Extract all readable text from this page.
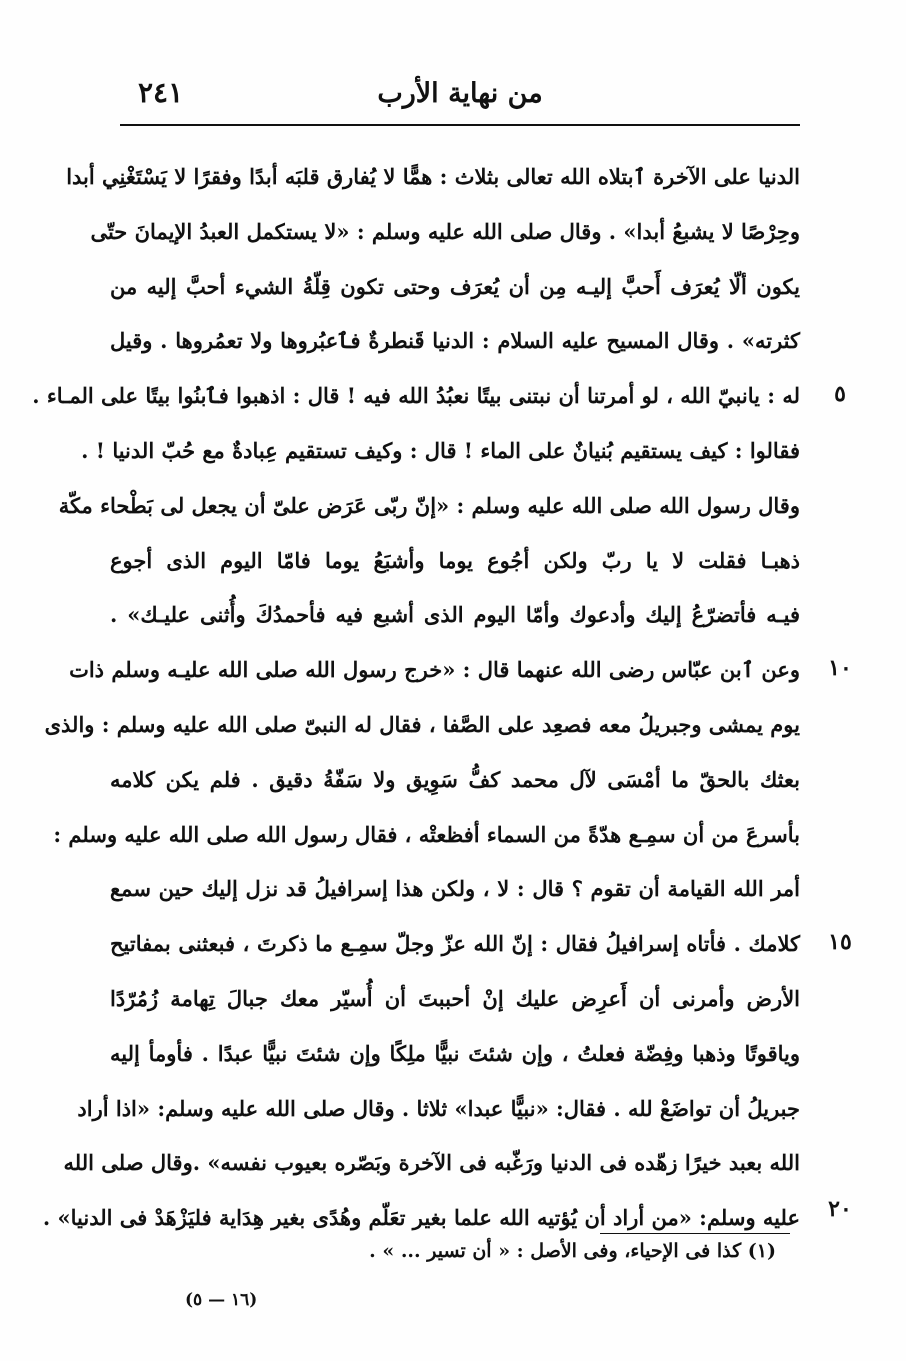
٢٤١	من نهاية الأرب
الدنيا على الآخرة ٱبتلاه الله تعالى بثلاث : همًّا لا يُفارق قلبَه أبدًا وفقرًا لا يَسْتَغْنِي أبدا
وحِرْصًا لا يشبعُ أبدا» . وقال صلى الله عليه وسلم : «لا يستكمل العبدُ الإيمانَ حتّى
يكون ألّا يُعرَف أَحبَّ إليـه مِن أن يُعرَف وحتى تكون قِلّةُ الشيء أحبَّ إليه من
كثرته» . وقال المسيح عليه السلام : الدنيا قَنطرةٌ فٱعبُروها ولا تعمُروها . وقيل
له : يانبيّ الله ، لو أمرتنا أن نبتنى بيتًا نعبُدُ الله فيه ! قال : اذهبوا فٱبنُوا بيتًا على المـاء .
فقالوا : كيف يستقيم بُنيانٌ على الماء ! قال : وكيف تستقيم عِبادةٌ مع حُبّ الدنيا ! .
وقال رسول الله صلى الله عليه وسلم : «إنّ ربّى عَرَض علىّ أن يجعل لى بَطْحاء مكّة
ذهبـا فقلت لا يا ربّ ولكن أجُوع يوما وأشبَعُ يوما فامّا اليوم الذى أجوع
فيـه فأتضرّعُ إليك وأدعوك وأمّا اليوم الذى أشبع فيه فأحمدُكَ وأُثنى عليـك» .
وعن ٱبن عبّاس رضى الله عنهما قال : «خرج رسول الله صلى الله عليـه وسلم ذات
يوم يمشى وجبريلُ معه فصعِد على الصَّفا ، فقال له النبىّ صلى الله عليه وسلم : والذى
بعثك بالحقّ ما أمْسَى لآل محمد كفُّ سَوِيق ولا سَفّةُ دقيق . فلم يكن كلامه
بأسرعَ من أن سمِـع هدّةً من السماء أفظعتْه ، فقال رسول الله صلى الله عليه وسلم :
أمر الله القيامة أن تقوم ؟ قال : لا ، ولكن هذا إسرافيلُ قد نزل إليك حين سمع
كلامك . فأتاه إسرافيلُ فقال : إنّ الله عزّ وجلّ سمِـع ما ذكرتَ ، فبعثنى بمفاتيح
الأرض وأمرنى أن أَعرِض عليك إنْ أحببتَ أن أُسيّر معك جبالَ تِهامة زُمُرّدًا
وياقوتًا وذهبا وفِضّة فعلتُ ، وإن شئتَ نبيًّا ملِكًا وإن شئتَ نبيًّا عبدًا . فأومأ إليه
جبريلُ أن تواضَعْ لله . فقال: «نبيًّا عبدا» ثلاثا . وقال صلى الله عليه وسلم: «اذا أراد
الله بعبد خيرًا زهّده فى الدنيا ورَغّبه فى الآخرة وبَصّره بعيوب نفسه» .وقال صلى الله
عليه وسلم: «من أراد أن يُؤتيه الله علما بغير تعَلّم وهُدًى بغير هِدَاية فليَزْهَدْ فى الدنيا» .
٥
١٠
١٥
٢٠
(١) كذا فى الإحياء، وفى الأصل : « أن تسير ... » .
(١٦ — ٥)
